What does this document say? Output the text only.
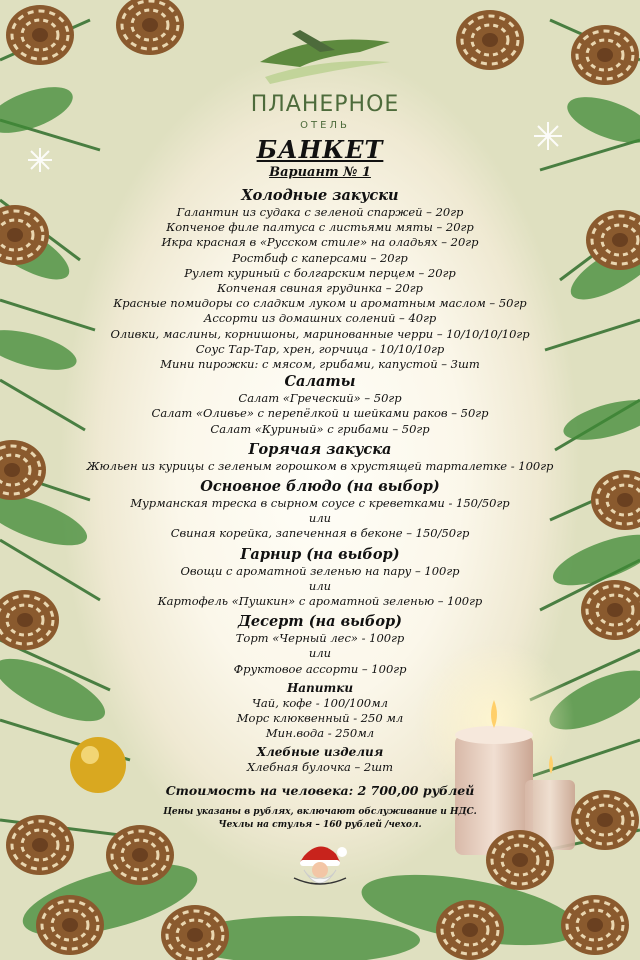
ПЛАНЕРНОЕ
ОТЕЛЬ
БАНКЕТ
Вариант № 1
Холодные закуски
Галантин из судака с зеленой спаржей – 20гр
Копченое филе палтуса с листьями мяты – 20гр
Икра красная в «Русском стиле» на оладьях – 20гр
Ростбиф с каперсами – 20гр
Рулет куриный с болгарским перцем – 20гр
Копченая свиная грудинка – 20гр
Красные помидоры со сладким луком и ароматным маслом – 50гр
Ассорти из домашних солений – 40гр
Оливки, маслины, корнишоны, маринованные черри – 10/10/10/10гр
Соус Тар-Тар, хрен, горчица - 10/10/10гр
Мини пирожки: с мясом, грибами, капустой – 3шт
Салаты
Салат «Греческий» – 50гр
Салат «Оливье» с перепёлкой и шейками раков – 50гр
Салат «Куриный» с грибами – 50гр
Горячая закуска
Жюльен из курицы с зеленым горошком в хрустящей тарталетке - 100гр
Основное блюдо (на выбор)
Мурманская треска в сырном соусе с креветками - 150/50гр
или
Свиная корейка, запеченная в беконе – 150/50гр
Гарнир (на выбор)
Овощи с ароматной зеленью на пару – 100гр
или
Картофель «Пушкин» с ароматной зеленью – 100гр
Десерт (на выбор)
Торт «Черный лес» - 100гр
или
Фруктовое ассорти – 100гр
Напитки
Чай, кофе - 100/100мл
Морс клюквенный - 250 мл
Мин.вода - 250мл
Хлебные изделия
Хлебная булочка – 2шт
Стоимость на человека: 2 700,00 рублей
Цены указаны в рублях, включают обслуживание и НДС.
Чехлы на стулья – 160 рублей /чехол.
